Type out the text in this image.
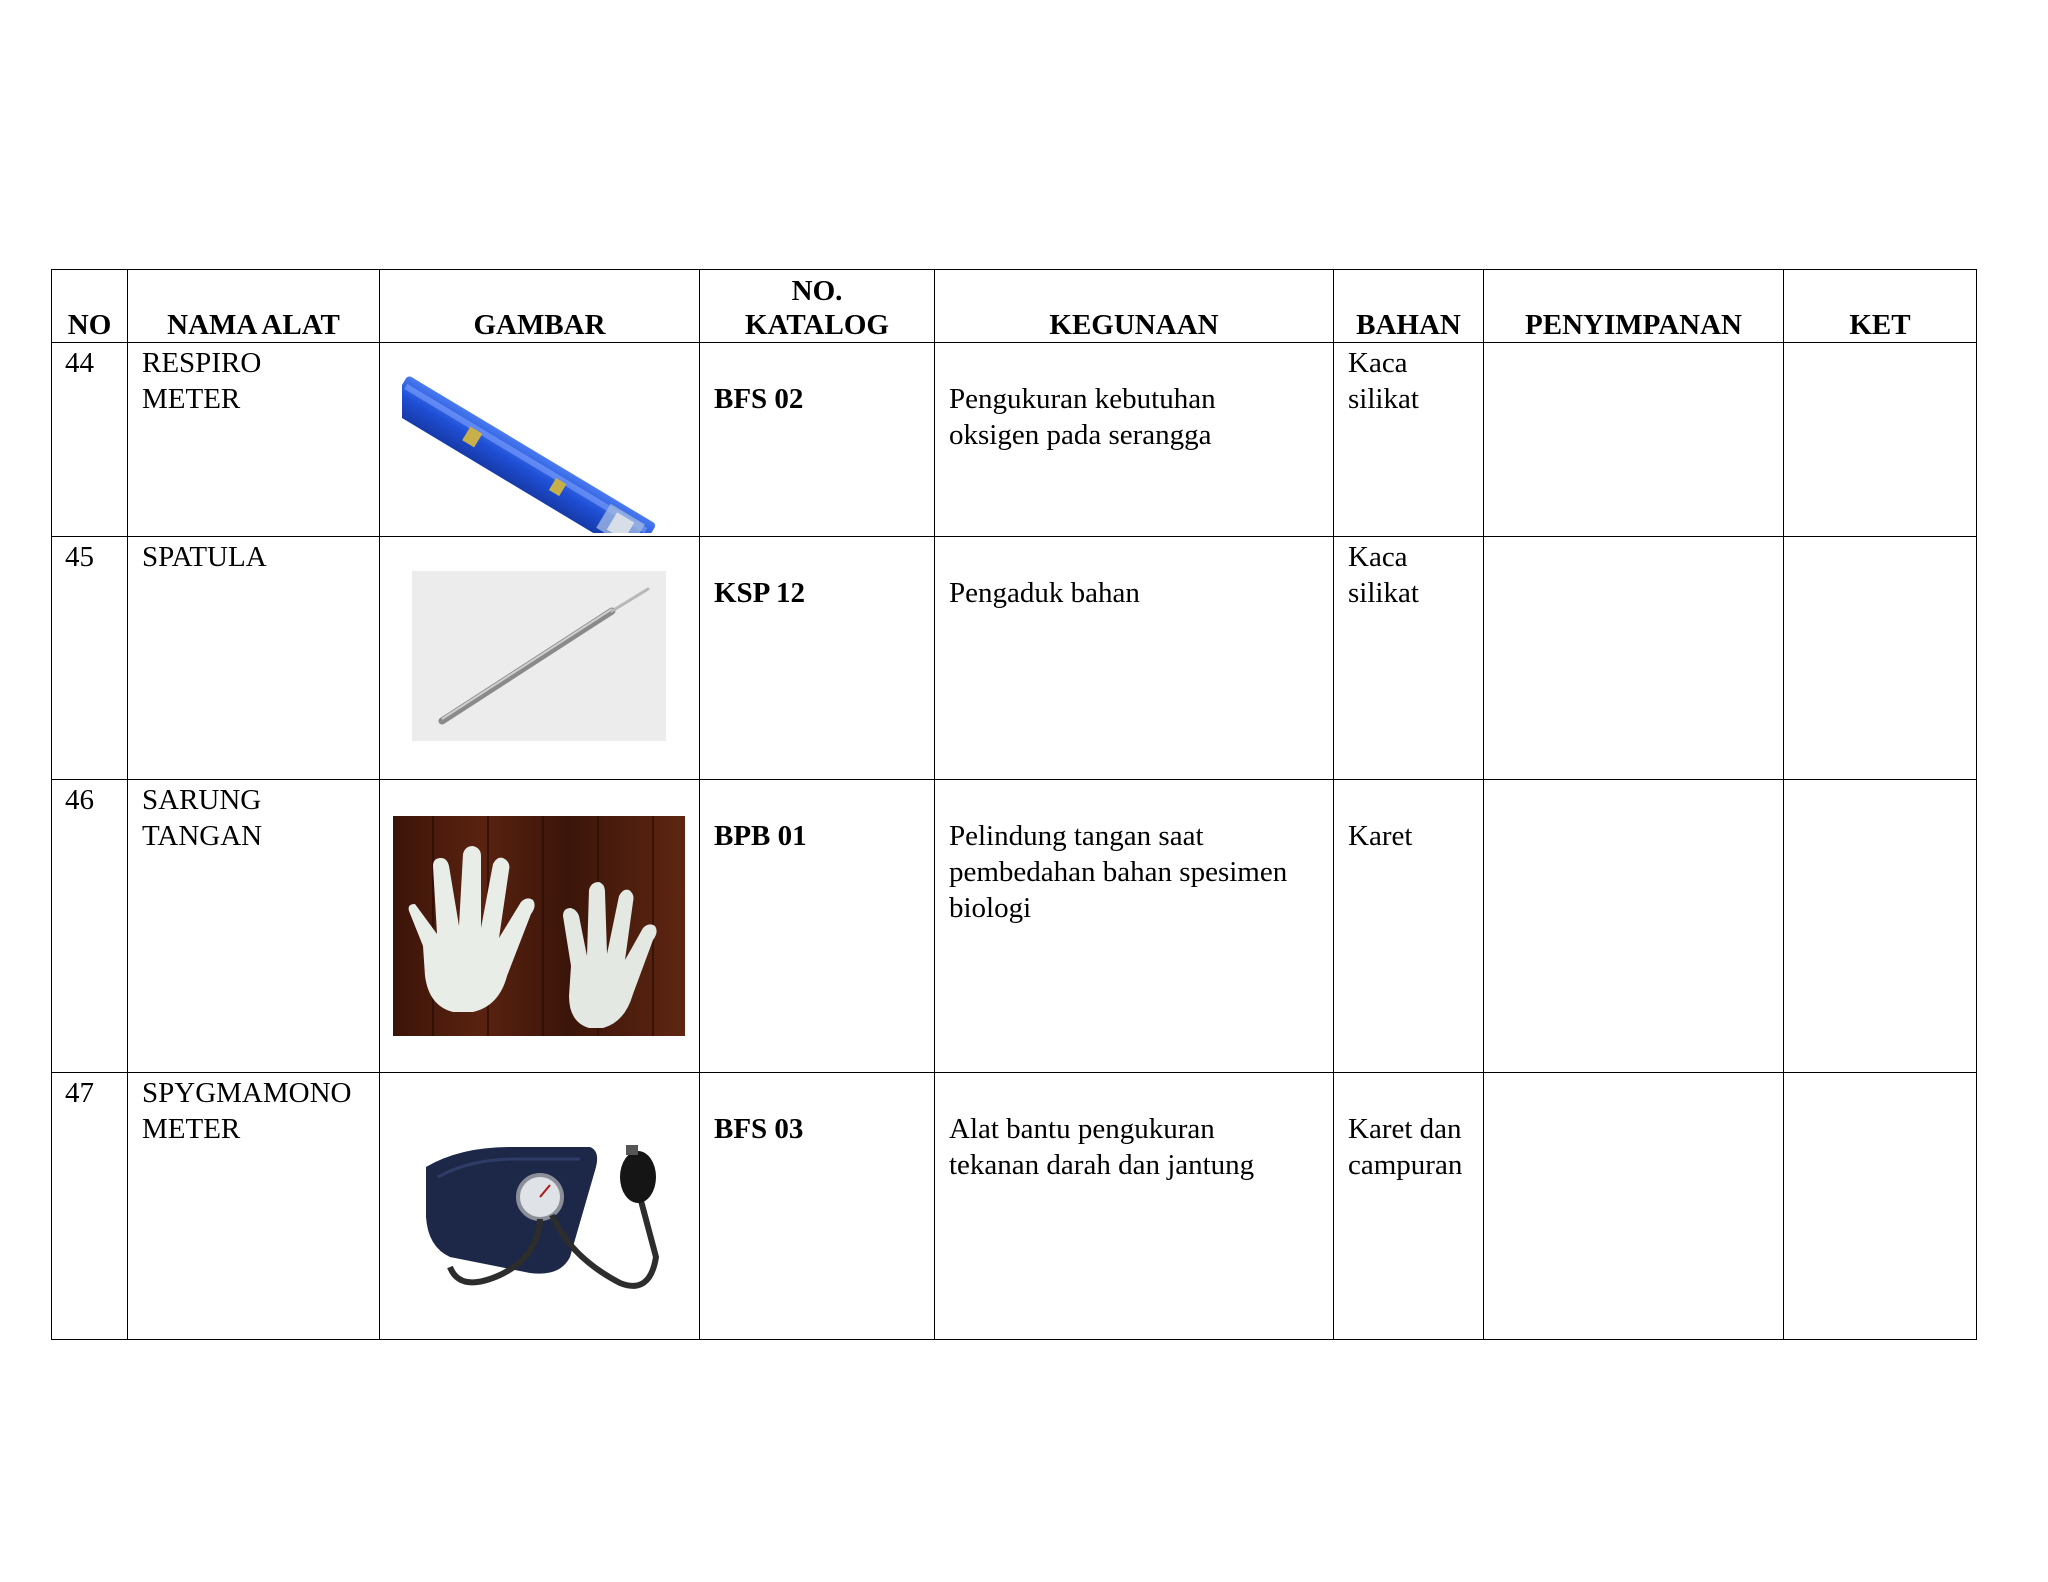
NO	NAMA ALAT	GAMBAR	NO.
KATALOG	KEGUNAAN	BAHAN	PENYIMPANAN	KET

44	RESPIRO
METER		BFS 02	Pengukuran kebutuhan
oksigen pada serangga	Kaca
silikat		

45	SPATULA		KSP 12	Pengaduk bahan	Kaca
silikat		

46	SARUNG
TANGAN		BPB 01	Pelindung tangan saat
pembedahan bahan spesimen
biologi	Karet		

47	SPYGMAMONO
METER		BFS 03	Alat bantu pengukuran
tekanan darah dan jantung	Karet dan
campuran		
